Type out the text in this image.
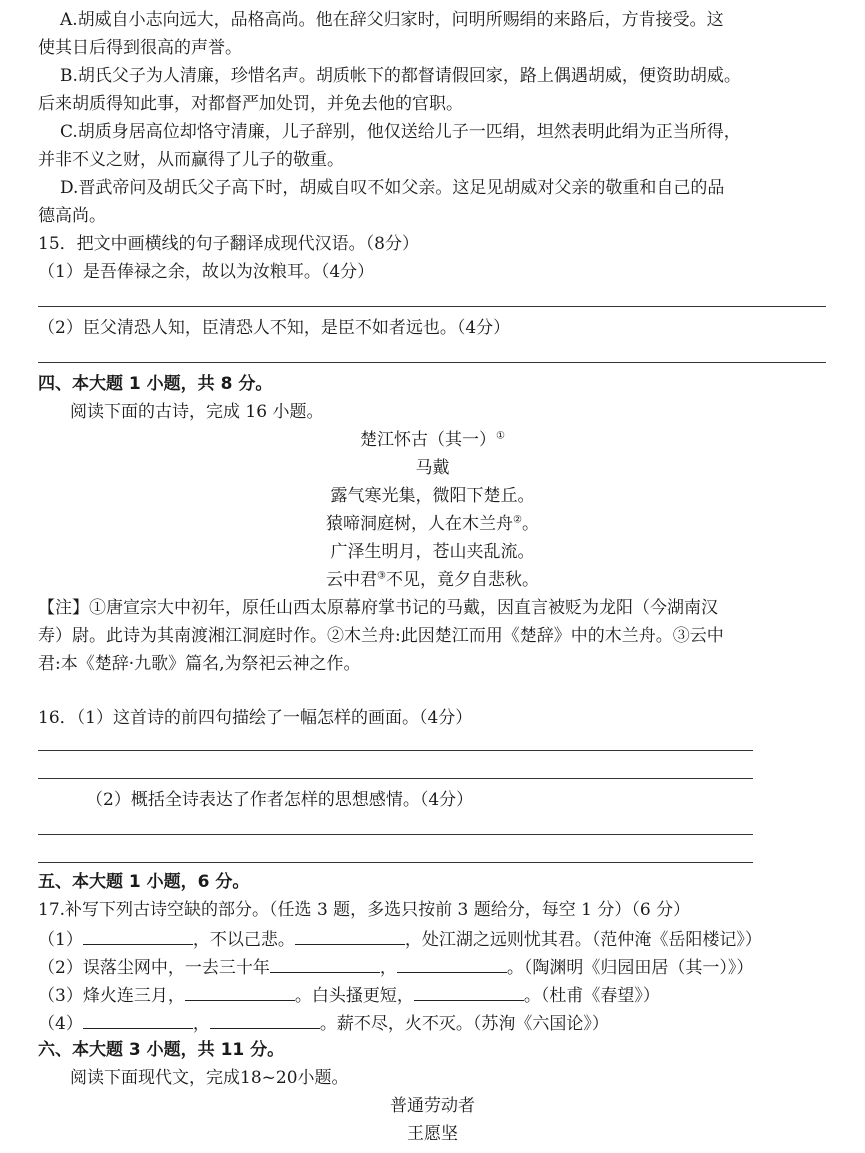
A.胡威自小志向远大，品格高尚。他在辞父归家时，问明所赐绢的来路后，方肯接受。这
使其日后得到很高的声誉。
B.胡氏父子为人清廉，珍惜名声。胡质帐下的都督请假回家，路上偶遇胡威，便资助胡威。
后来胡质得知此事，对都督严加处罚，并免去他的官职。
C.胡质身居高位却恪守清廉，儿子辞别，他仅送给儿子一匹绢，坦然表明此绢为正当所得，
并非不义之财，从而赢得了儿子的敬重。
D.晋武帝问及胡氏父子高下时，胡威自叹不如父亲。这足见胡威对父亲的敬重和自己的品
德高尚。
15．把文中画横线的句子翻译成现代汉语。（8分）
（1）是吾俸禄之余，故以为汝粮耳。（4分）
（2）臣父清恐人知，臣清恐人不知，是臣不如者远也。（4分）
四、本大题 1 小题，共 8 分。
阅读下面的古诗，完成 16 小题。
楚江怀古（其一）①
马戴
露气寒光集，微阳下楚丘。
猿啼洞庭树，人在木兰舟②。
广泽生明月，苍山夹乱流。
云中君③不见，竟夕自悲秋。
【注】①唐宣宗大中初年，原任山西太原幕府掌书记的马戴，因直言被贬为龙阳（今湖南汉
寿）尉。此诗为其南渡湘江洞庭时作。②木兰舟:此因楚江而用《楚辞》中的木兰舟。③云中
君:本《楚辞·九歌》篇名,为祭祀云神之作。
16．（1）这首诗的前四句描绘了一幅怎样的画面。（4分）
（2）概括全诗表达了作者怎样的思想感情。（4分）
五、本大题 1 小题，6 分。
17.补写下列古诗空缺的部分。（任选 3 题，多选只按前 3 题给分，每空 1 分）（6 分）
（1）	，不以己悲。	，处江湖之远则忧其君。（范仲淹《岳阳楼记》）
（2）误落尘网中，一去三十年	，	。（陶渊明《归园田居（其一）》）
（3）烽火连三月，	。白头搔更短，	。（杜甫《春望》）
（4）	，	。薪不尽，火不灭。（苏洵《六国论》）
六、本大题 3 小题，共 11 分。
阅读下面现代文，完成18~20小题。
普通劳动者
王愿坚
